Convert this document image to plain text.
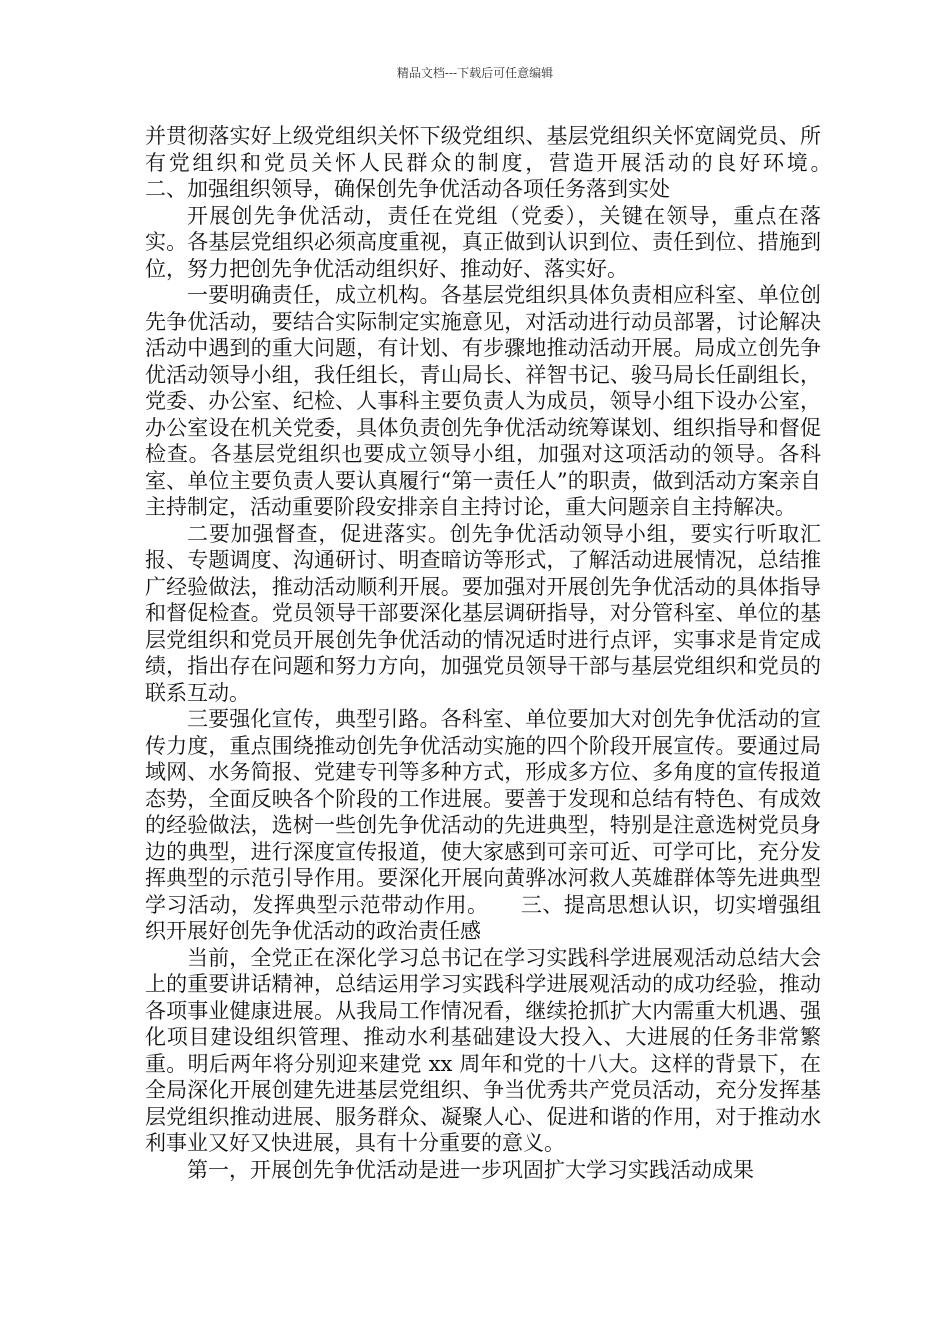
精品文档---下载后可任意编辑

并贯彻落实好上级党组织关怀下级党组织、基层党组织关怀宽阔党员、所有党组织和党员关怀人民群众的制度，营造开展活动的良好环境。　　二、加强组织领导，确保创先争优活动各项任务落到实处

开展创先争优活动，责任在党组（党委），关键在领导，重点在落实。各基层党组织必须高度重视，真正做到认识到位、责任到位、措施到位，努力把创先争优活动组织好、推动好、落实好。

一要明确责任，成立机构。各基层党组织具体负责相应科室、单位创先争优活动，要结合实际制定实施意见，对活动进行动员部署，讨论解决活动中遇到的重大问题，有计划、有步骤地推动活动开展。局成立创先争优活动领导小组，我任组长，青山局长、祥智书记、骏马局长任副组长，党委、办公室、纪检、人事科主要负责人为成员，领导小组下设办公室，办公室设在机关党委，具体负责创先争优活动统筹谋划、组织指导和督促检查。各基层党组织也要成立领导小组，加强对这项活动的领导。各科室、单位主要负责人要认真履行“第一责任人”的职责，做到活动方案亲自主持制定，活动重要阶段安排亲自主持讨论，重大问题亲自主持解决。

二要加强督查，促进落实。创先争优活动领导小组，要实行听取汇报、专题调度、沟通研讨、明查暗访等形式，了解活动进展情况，总结推广经验做法，推动活动顺利开展。要加强对开展创先争优活动的具体指导和督促检查。党员领导干部要深化基层调研指导，对分管科室、单位的基层党组织和党员开展创先争优活动的情况适时进行点评，实事求是肯定成绩，指出存在问题和努力方向，加强党员领导干部与基层党组织和党员的联系互动。

三要强化宣传，典型引路。各科室、单位要加大对创先争优活动的宣传力度，重点围绕推动创先争优活动实施的四个阶段开展宣传。要通过局域网、水务简报、党建专刊等多种方式，形成多方位、多角度的宣传报道态势，全面反映各个阶段的工作进展。要善于发现和总结有特色、有成效的经验做法，选树一些创先争优活动的先进典型，特别是注意选树党员身边的典型，进行深度宣传报道，使大家感到可亲可近、可学可比，充分发挥典型的示范引导作用。要深化开展向黄骅冰河救人英雄群体等先进典型学习活动，发挥典型示范带动作用。　　三、提高思想认识，切实增强组织开展好创先争优活动的政治责任感

当前，全党正在深化学习总书记在学习实践科学进展观活动总结大会上的重要讲话精神，总结运用学习实践科学进展观活动的成功经验，推动各项事业健康进展。从我局工作情况看，继续抢抓扩大内需重大机遇、强化项目建设组织管理、推动水利基础建设大投入、大进展的任务非常繁重。明后两年将分别迎来建党 xx 周年和党的十八大。这样的背景下，在全局深化开展创建先进基层党组织、争当优秀共产党员活动，充分发挥基层党组织推动进展、服务群众、凝聚人心、促进和谐的作用，对于推动水利事业又好又快进展，具有十分重要的意义。

第一，开展创先争优活动是进一步巩固扩大学习实践活动成果
